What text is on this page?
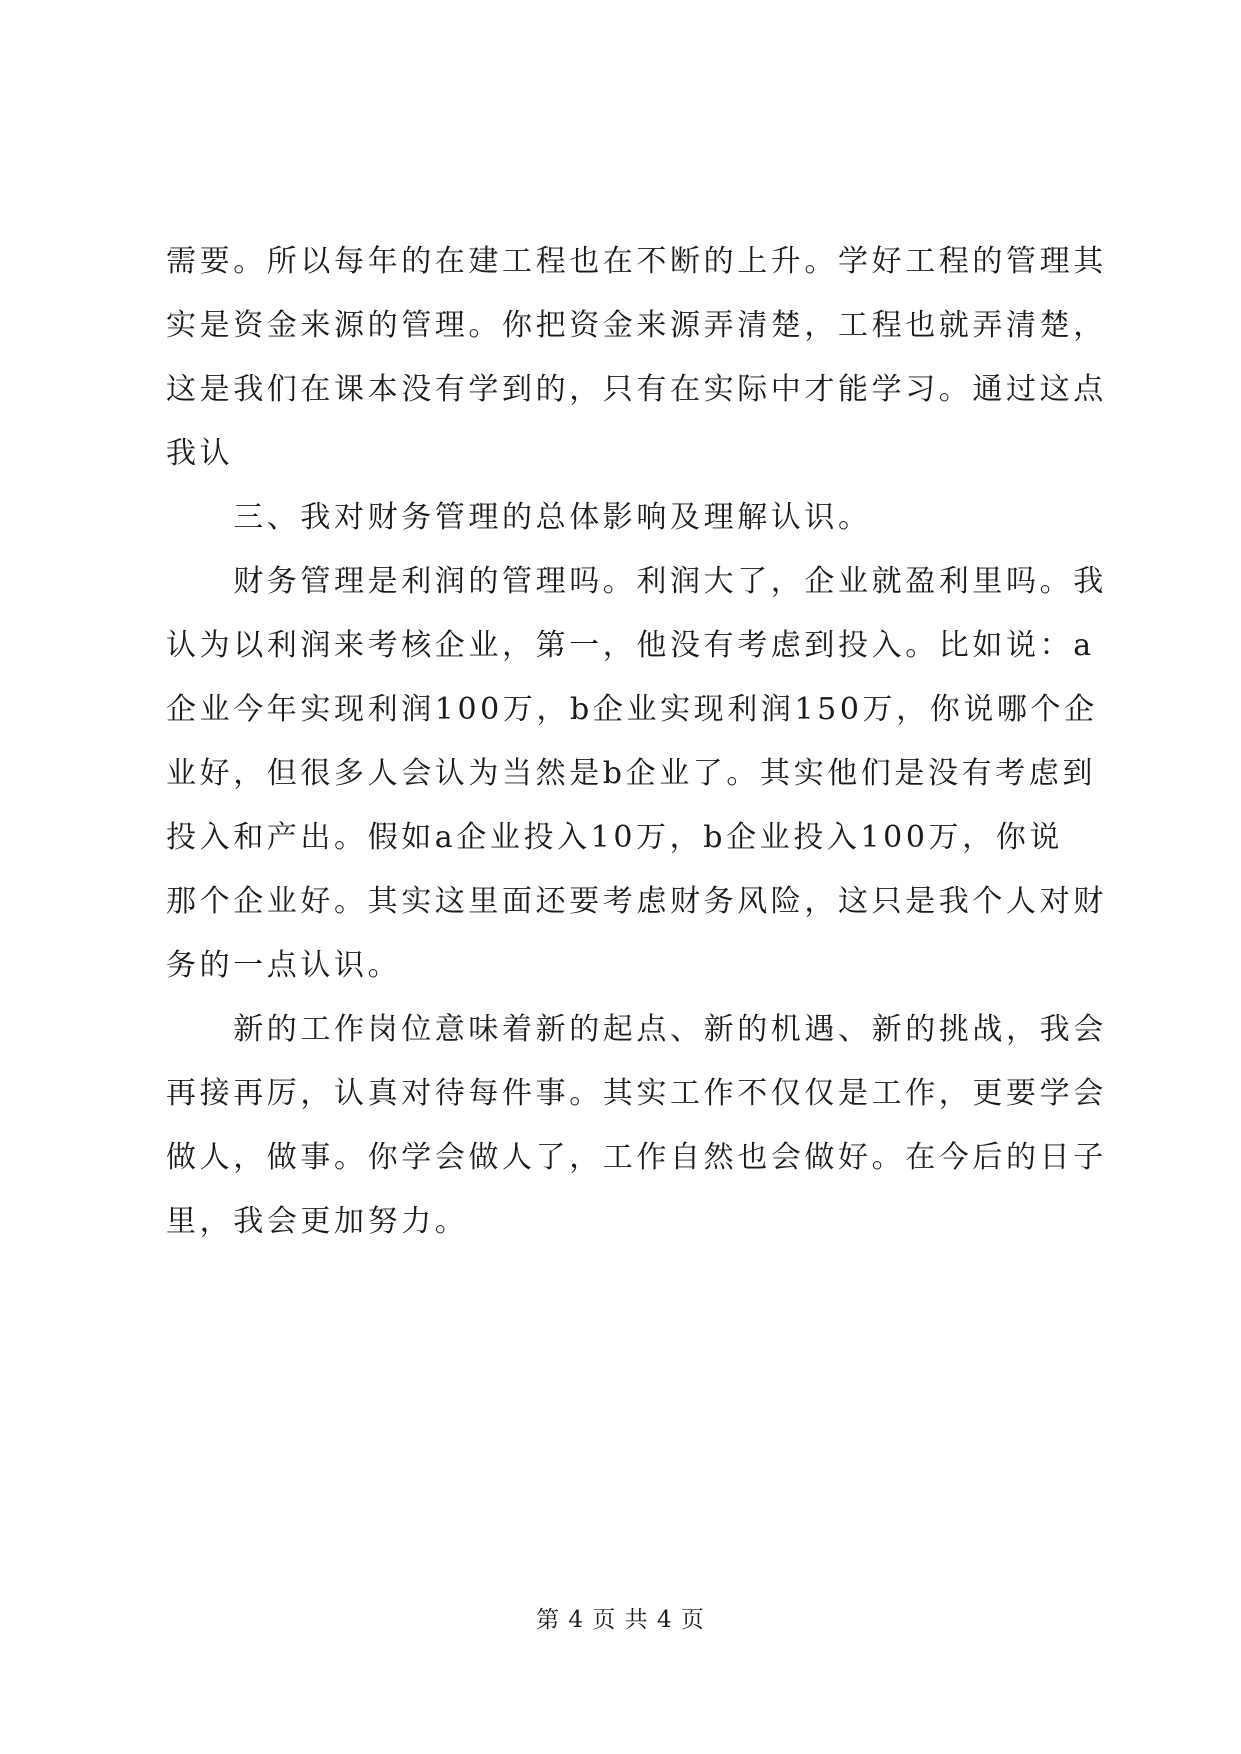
需要。所以每年的在建工程也在不断的上升。学好工程的管理其
实是资金来源的管理。你把资金来源弄清楚，工程也就弄清楚，
这是我们在课本没有学到的，只有在实际中才能学习。通过这点
我认
　　三、我对财务管理的总体影响及理解认识。
　　财务管理是利润的管理吗。利润大了，企业就盈利里吗。我
认为以利润来考核企业，第一，他没有考虑到投入。比如说：a
企业今年实现利润100万，b企业实现利润150万，你说哪个企
业好，但很多人会认为当然是b企业了。其实他们是没有考虑到
投入和产出。假如a企业投入10万，b企业投入100万，你说
那个企业好。其实这里面还要考虑财务风险，这只是我个人对财
务的一点认识。
　　新的工作岗位意味着新的起点、新的机遇、新的挑战，我会
再接再厉，认真对待每件事。其实工作不仅仅是工作，更要学会
做人，做事。你学会做人了，工作自然也会做好。在今后的日子
里，我会更加努力。
第 4 页 共 4 页
